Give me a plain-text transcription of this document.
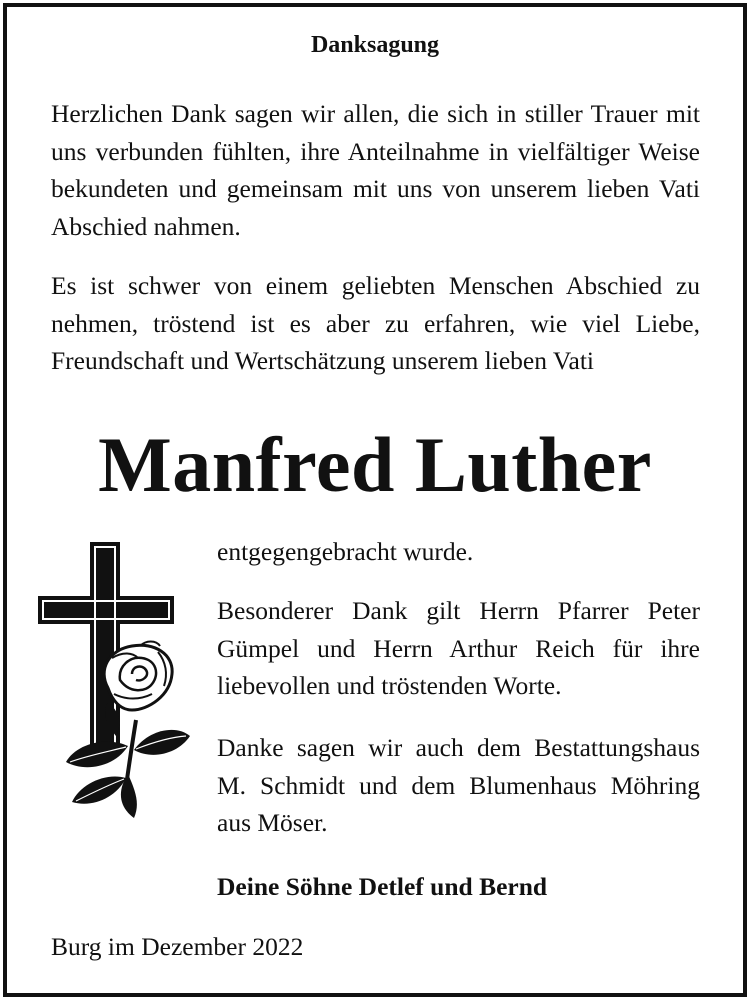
Danksagung
Herzlichen Dank sagen wir allen, die sich in stiller Trauer mit uns verbunden fühlten, ihre Anteilnahme in vielfältiger Weise bekundeten und gemeinsam mit uns von unserem lieben Vati Abschied nahmen.
Es ist schwer von einem geliebten Menschen Abschied zu nehmen, tröstend ist es aber zu erfahren, wie viel Liebe, Freundschaft und Wertschätzung unserem lieben Vati
Manfred Luther
entgegengebracht wurde.
Besonderer Dank gilt Herrn Pfarrer Peter Gümpel und Herrn Arthur Reich für ihre liebevollen und tröstenden Worte.
Danke sagen wir auch dem Bestattungshaus M. Schmidt und dem Blumenhaus Möhring aus Möser.
Deine Söhne Detlef und Bernd
Burg im Dezember 2022
